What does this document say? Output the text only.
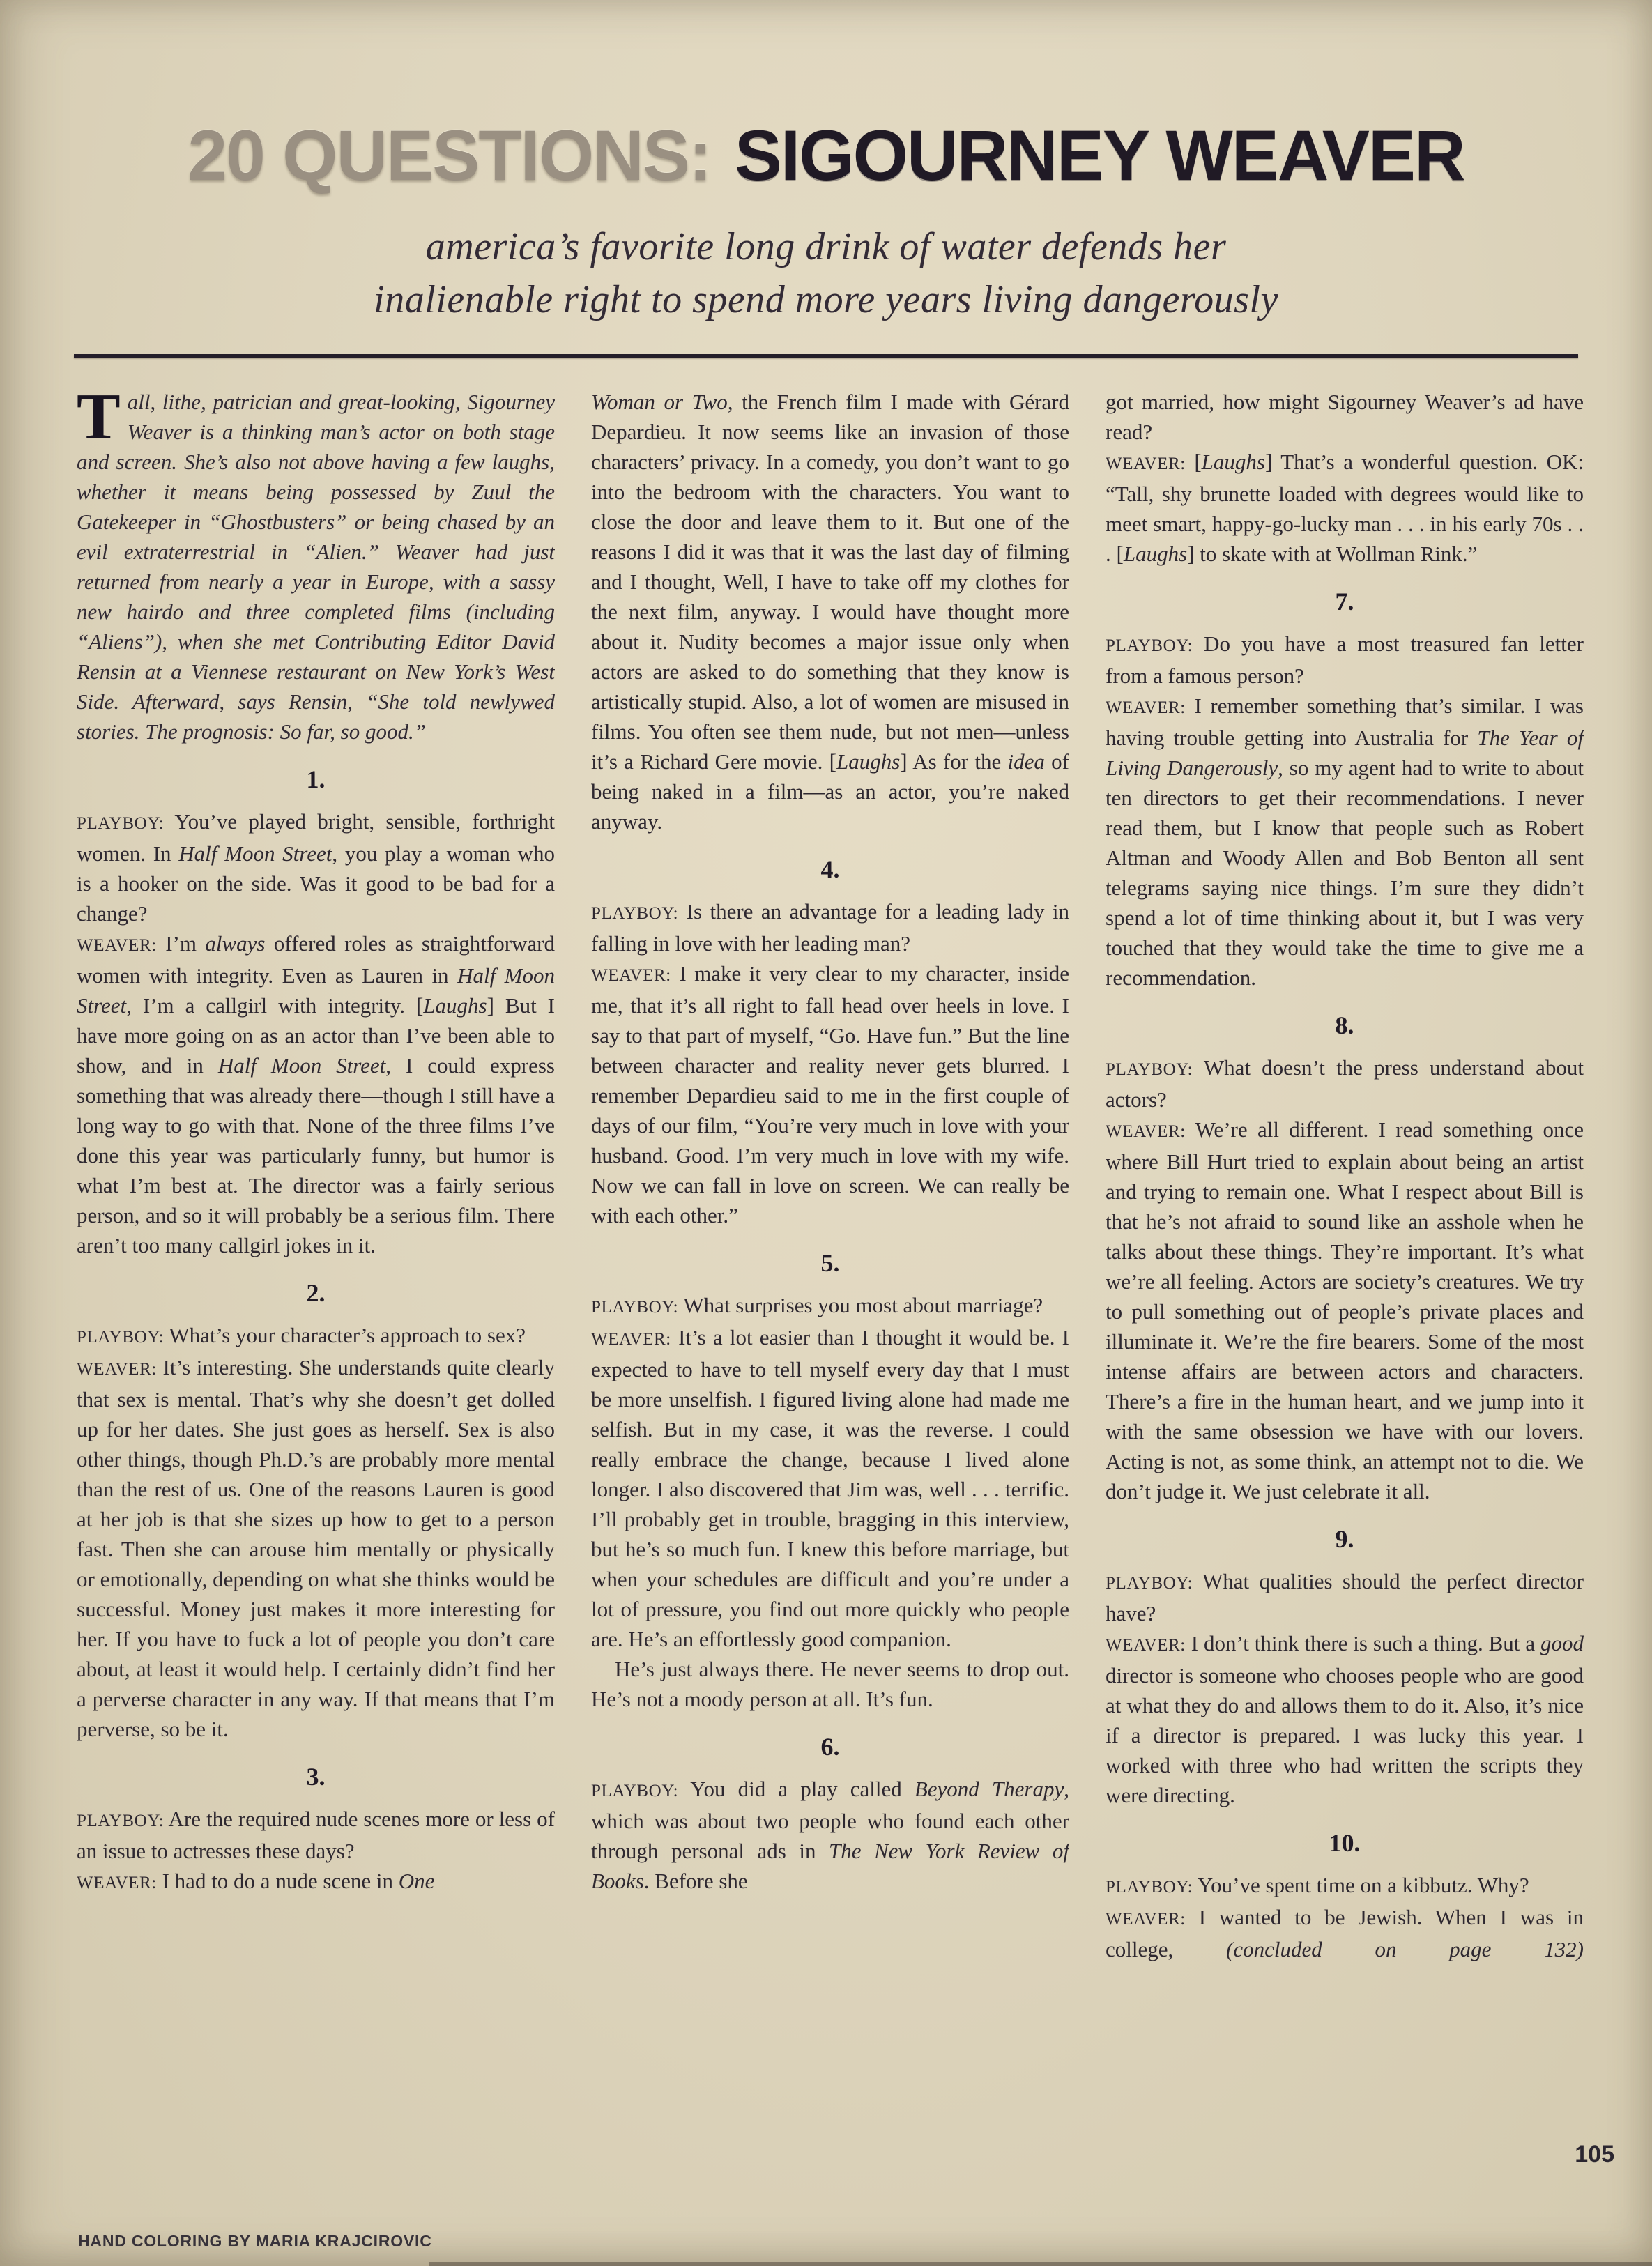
20 QUESTIONS: SIGOURNEY WEAVER
america’s favorite long drink of water defends her
inalienable right to spend more years living dangerously

Tall, lithe, patrician and great-looking, Sigourney Weaver is a thinking man’s actor on both stage and screen. She’s also not above having a few laughs, whether it means being possessed by Zuul the Gatekeeper in “Ghostbusters” or being chased by an evil extraterrestrial in “Alien.” Weaver had just returned from nearly a year in Europe, with a sassy new hairdo and three completed films (including “Aliens”), when she met Contributing Editor David Rensin at a Viennese restaurant on New York’s West Side. Afterward, says Rensin, “She told newlywed stories. The prognosis: So far, so good.”

1.

PLAYBOY: You’ve played bright, sensible, forthright women. In Half Moon Street, you play a woman who is a hooker on the side. Was it good to be bad for a change?

WEAVER: I’m always offered roles as straightforward women with integrity. Even as Lauren in Half Moon Street, I’m a callgirl with integrity. [Laughs] But I have more going on as an actor than I’ve been able to show, and in Half Moon Street, I could express something that was already there—though I still have a long way to go with that. None of the three films I’ve done this year was particularly funny, but humor is what I’m best at. The director was a fairly serious person, and so it will probably be a serious film. There aren’t too many callgirl jokes in it.

2.

PLAYBOY: What’s your character’s approach to sex?

WEAVER: It’s interesting. She understands quite clearly that sex is mental. That’s why she doesn’t get dolled up for her dates. She just goes as herself. Sex is also other things, though Ph.D.’s are probably more mental than the rest of us. One of the reasons Lauren is good at her job is that she sizes up how to get to a person fast. Then she can arouse him mentally or physically or emotionally, depending on what she thinks would be successful. Money just makes it more interesting for her. If you have to fuck a lot of people you don’t care about, at least it would help. I certainly didn’t find her a perverse character in any way. If that means that I’m perverse, so be it.

3.

PLAYBOY: Are the required nude scenes more or less of an issue to actresses these days?

WEAVER: I had to do a nude scene in One

Woman or Two, the French film I made with Gérard Depardieu. It now seems like an invasion of those characters’ privacy. In a comedy, you don’t want to go into the bedroom with the characters. You want to close the door and leave them to it. But one of the reasons I did it was that it was the last day of filming and I thought, Well, I have to take off my clothes for the next film, anyway. I would have thought more about it. Nudity becomes a major issue only when actors are asked to do something that they know is artistically stupid. Also, a lot of women are misused in films. You often see them nude, but not men—unless it’s a Richard Gere movie. [Laughs] As for the idea of being naked in a film—as an actor, you’re naked anyway.

4.

PLAYBOY: Is there an advantage for a leading lady in falling in love with her leading man?

WEAVER: I make it very clear to my character, inside me, that it’s all right to fall head over heels in love. I say to that part of myself, “Go. Have fun.” But the line between character and reality never gets blurred. I remember Depardieu said to me in the first couple of days of our film, “You’re very much in love with your husband. Good. I’m very much in love with my wife. Now we can fall in love on screen. We can really be with each other.”

5.

PLAYBOY: What surprises you most about marriage?

WEAVER: It’s a lot easier than I thought it would be. I expected to have to tell myself every day that I must be more unselfish. I figured living alone had made me selfish. But in my case, it was the reverse. I could really embrace the change, because I lived alone longer. I also discovered that Jim was, well . . . terrific. I’ll probably get in trouble, bragging in this interview, but he’s so much fun. I knew this before marriage, but when your schedules are difficult and you’re under a lot of pressure, you find out more quickly who people are. He’s an effortlessly good companion.

He’s just always there. He never seems to drop out. He’s not a moody person at all. It’s fun.

6.

PLAYBOY: You did a play called Beyond Therapy, which was about two people who found each other through personal ads in The New York Review of Books. Before she

got married, how might Sigourney Weaver’s ad have read?

WEAVER: [Laughs] That’s a wonderful question. OK: “Tall, shy brunette loaded with degrees would like to meet smart, happy-go-lucky man . . . in his early 70s . . . [Laughs] to skate with at Wollman Rink.”

7.

PLAYBOY: Do you have a most treasured fan letter from a famous person?

WEAVER: I remember something that’s similar. I was having trouble getting into Australia for The Year of Living Dangerously, so my agent had to write to about ten directors to get their recommendations. I never read them, but I know that people such as Robert Altman and Woody Allen and Bob Benton all sent telegrams saying nice things. I’m sure they didn’t spend a lot of time thinking about it, but I was very touched that they would take the time to give me a recommendation.

8.

PLAYBOY: What doesn’t the press understand about actors?

WEAVER: We’re all different. I read something once where Bill Hurt tried to explain about being an artist and trying to remain one. What I respect about Bill is that he’s not afraid to sound like an asshole when he talks about these things. They’re important. It’s what we’re all feeling. Actors are society’s creatures. We try to pull something out of people’s private places and illuminate it. We’re the fire bearers. Some of the most intense affairs are between actors and characters. There’s a fire in the human heart, and we jump into it with the same obsession we have with our lovers. Acting is not, as some think, an attempt not to die. We don’t judge it. We just celebrate it all.

9.

PLAYBOY: What qualities should the perfect director have?

WEAVER: I don’t think there is such a thing. But a good director is someone who chooses people who are good at what they do and allows them to do it. Also, it’s nice if a director is prepared. I was lucky this year. I worked with three who had written the scripts they were directing.

10.

PLAYBOY: You’ve spent time on a kibbutz. Why?

WEAVER: I wanted to be Jewish. When I was in college, (concluded on page 132)

HAND COLORING BY MARIA KRAJCIROVIC
105
